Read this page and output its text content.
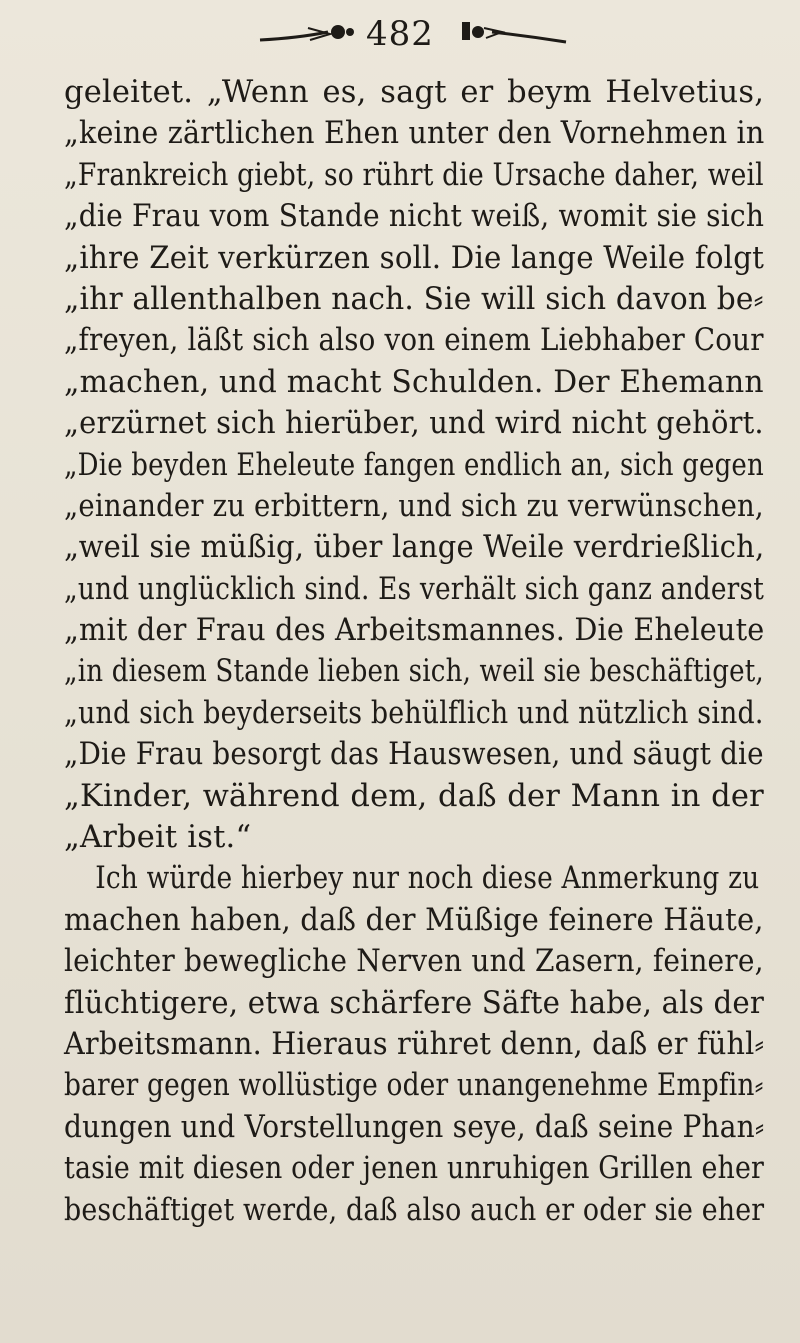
482
geleitet. „Wenn es, sagt er beym Helvetius,
„keine zärtlichen Ehen unter den Vornehmen in
„Frankreich giebt, so rührt die Ursache daher, weil
„die Frau vom Stande nicht weiß, womit sie sich
„ihre Zeit verkürzen soll. Die lange Weile folgt
„ihr allenthalben nach. Sie will sich davon be⸗
„freyen, läßt sich also von einem Liebhaber Cour
„machen, und macht Schulden. Der Ehemann
„erzürnet sich hierüber, und wird nicht gehört.
„Die beyden Eheleute fangen endlich an, sich gegen
„einander zu erbittern, und sich zu verwünschen,
„weil sie müßig, über lange Weile verdrießlich,
„und unglücklich sind. Es verhält sich ganz anderst
„mit der Frau des Arbeitsmannes. Die Eheleute
„in diesem Stande lieben sich, weil sie beschäftiget,
„und sich beyderseits behülflich und nützlich sind.
„Die Frau besorgt das Hauswesen, und säugt die
„Kinder, während dem, daß der Mann in der
„Arbeit ist.“
Ich würde hierbey nur noch diese Anmerkung zu
machen haben, daß der Müßige feinere Häute,
leichter bewegliche Nerven und Zasern, feinere,
flüchtigere, etwa schärfere Säfte habe, als der
Arbeitsmann. Hieraus rühret denn, daß er fühl⸗
barer gegen wollüstige oder unangenehme Empfin⸗
dungen und Vorstellungen seye, daß seine Phan⸗
tasie mit diesen oder jenen unruhigen Grillen eher
beschäftiget werde, daß also auch er oder sie eher
